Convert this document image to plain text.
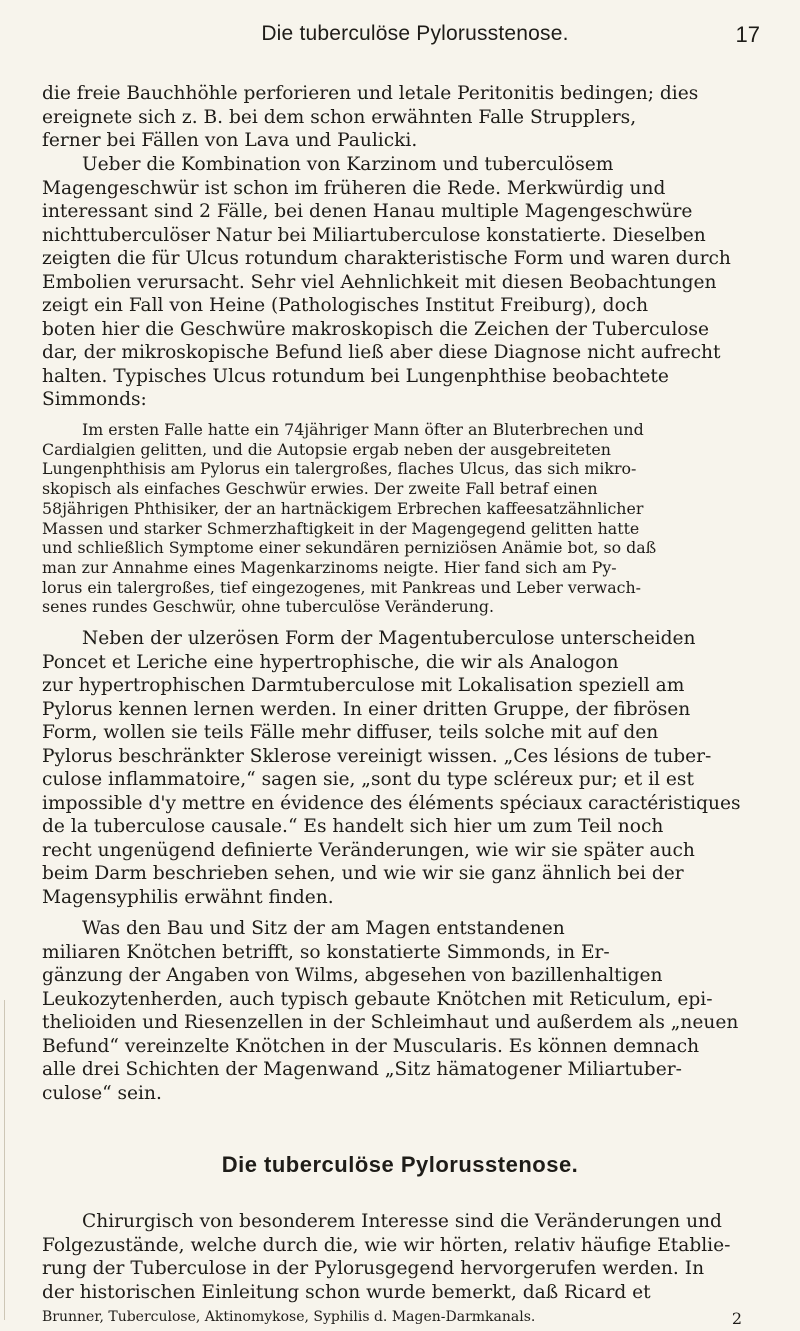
Die tuberculöse Pylorusstenose.	17

die freie Bauchhöhle perforieren und letale Peritonitis bedingen; dies

ereignete sich z. B. bei dem schon erwähnten Falle Strupplers,

ferner bei Fällen von Lava und Paulicki.

Ueber die Kombination von Karzinom und tuberculösem

Magengeschwür ist schon im früheren die Rede. Merkwürdig und

interessant sind 2 Fälle, bei denen Hanau multiple Magengeschwüre

nichttuberculöser Natur bei Miliartuberculose konstatierte. Dieselben

zeigten die für Ulcus rotundum charakteristische Form und waren durch

Embolien verursacht. Sehr viel Aehnlichkeit mit diesen Beobachtungen

zeigt ein Fall von Heine (Pathologisches Institut Freiburg), doch

boten hier die Geschwüre makroskopisch die Zeichen der Tuberculose

dar, der mikroskopische Befund ließ aber diese Diagnose nicht aufrecht

halten. Typisches Ulcus rotundum bei Lungenphthise beobachtete

Simmonds:

Im ersten Falle hatte ein 74jähriger Mann öfter an Bluterbrechen und

Cardialgien gelitten, und die Autopsie ergab neben der ausgebreiteten

Lungenphthisis am Pylorus ein talergroßes, flaches Ulcus, das sich mikro-

skopisch als einfaches Geschwür erwies. Der zweite Fall betraf einen

58jährigen Phthisiker, der an hartnäckigem Erbrechen kaffeesatzähnlicher

Massen und starker Schmerzhaftigkeit in der Magengegend gelitten hatte

und schließlich Symptome einer sekundären perniziösen Anämie bot, so daß

man zur Annahme eines Magenkarzinoms neigte. Hier fand sich am Py-

lorus ein talergroßes, tief eingezogenes, mit Pankreas und Leber verwach-

senes rundes Geschwür, ohne tuberculöse Veränderung.

Neben der ulzerösen Form der Magentuberculose unterscheiden

Poncet et Leriche eine hypertrophische, die wir als Analogon

zur hypertrophischen Darmtuberculose mit Lokalisation speziell am

Pylorus kennen lernen werden. In einer dritten Gruppe, der fibrösen

Form, wollen sie teils Fälle mehr diffuser, teils solche mit auf den

Pylorus beschränkter Sklerose vereinigt wissen. „Ces lésions de tuber-

culose inflammatoire,“ sagen sie, „sont du type scléreux pur; et il est

impossible d'y mettre en évidence des éléments spéciaux caractéristiques

de la tuberculose causale.“ Es handelt sich hier um zum Teil noch

recht ungenügend definierte Veränderungen, wie wir sie später auch

beim Darm beschrieben sehen, und wie wir sie ganz ähnlich bei der

Magensyphilis erwähnt finden.

Was den Bau und Sitz der am Magen entstandenen

miliaren Knötchen betrifft, so konstatierte Simmonds, in Er-

gänzung der Angaben von Wilms, abgesehen von bazillenhaltigen

Leukozytenherden, auch typisch gebaute Knötchen mit Reticulum, epi-

thelioiden und Riesenzellen in der Schleimhaut und außerdem als „neuen

Befund“ vereinzelte Knötchen in der Muscularis. Es können demnach

alle drei Schichten der Magenwand „Sitz hämatogener Miliartuber-

culose“ sein.

Die tuberculöse Pylorusstenose.

Chirurgisch von besonderem Interesse sind die Veränderungen und

Folgezustände, welche durch die, wie wir hörten, relativ häufige Etablie-

rung der Tuberculose in der Pylorusgegend hervorgerufen werden. In

der historischen Einleitung schon wurde bemerkt, daß Ricard et

Brunner, Tuberculose, Aktinomykose, Syphilis d. Magen-Darmkanals.	2
